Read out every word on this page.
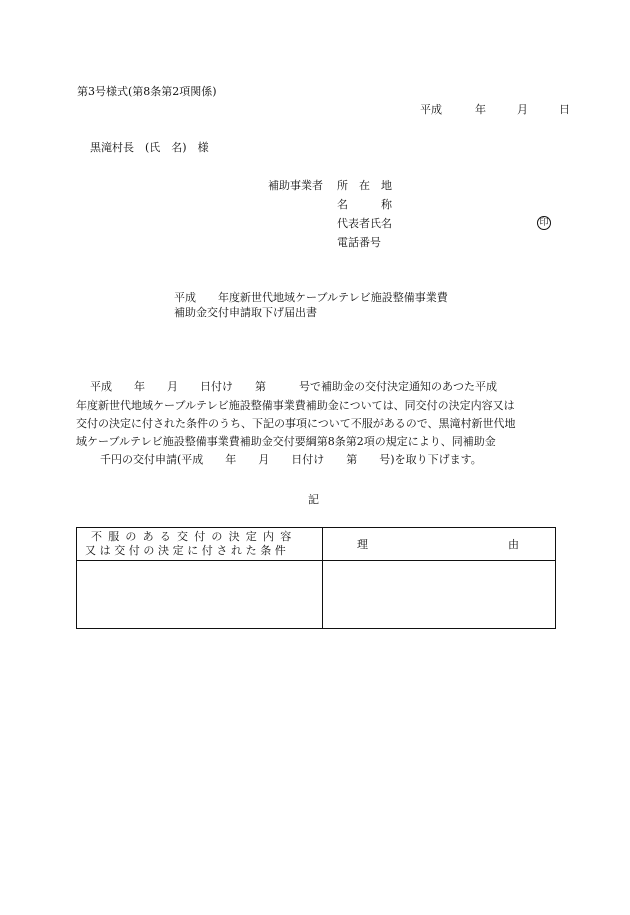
第3号様式(第8条第2項関係)
平成	年	月	日
黒滝村長　(氏　名)　様
補助事業者 所　在　地
名　　　称
代表者氏名	印
電話番号
平成　　年度新世代地域ケーブルテレビ施設整備事業費
補助金交付申請取下げ届出書
平成　　年　　月　　日付け　　第　　　号で補助金の交付決定通知のあつた平成
年度新世代地域ケーブルテレビ施設整備事業費補助金については、同交付の決定内容又は
交付の決定に付された条件のうち、下記の事項について不服があるので、黒滝村新世代地
域ケーブルテレビ施設整備事業費補助金交付要綱第8条第2項の規定により、同補助金
千円の交付申請(平成　　年　　月　　日付け　　第　　号)を取り下げます。
記
不服のある交付の決定内容
又は交付の決定に付された条件	理	由
